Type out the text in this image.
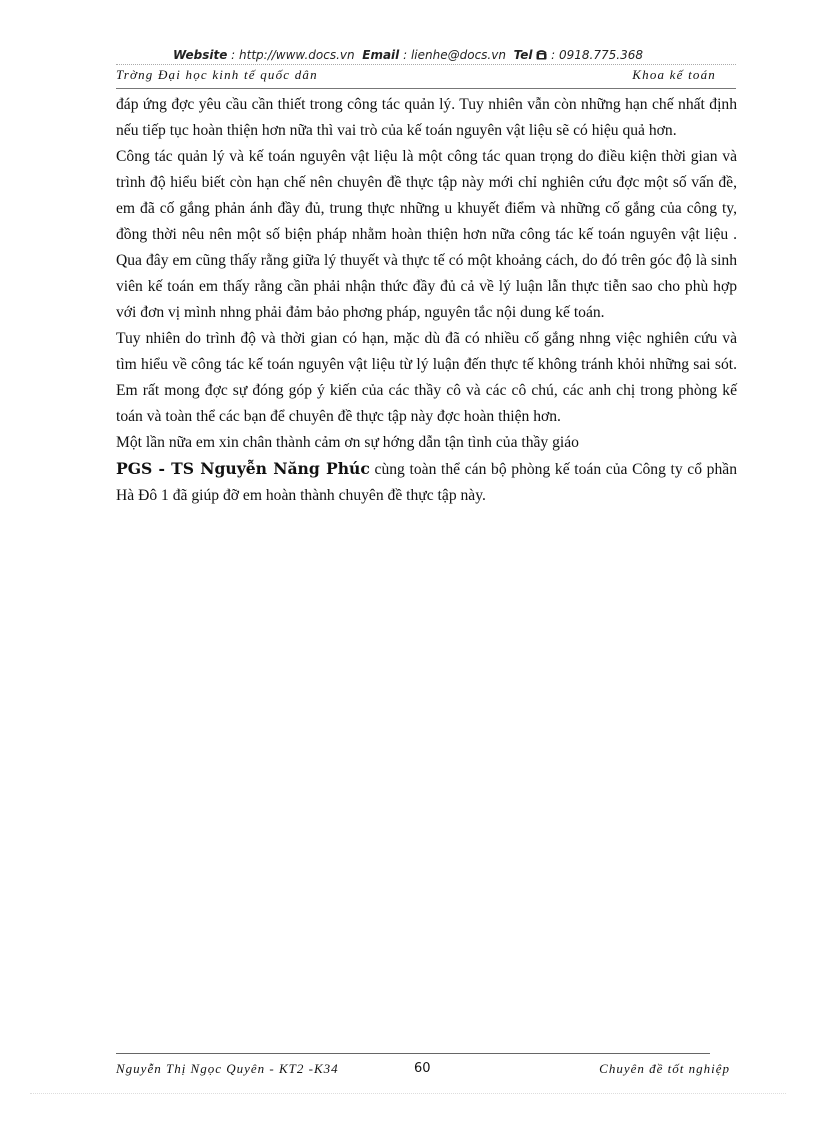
Website : http://www.docs.vn Email : lienhe@docs.vn Tel : 0918.775.368
Trờng Đại học kinh tế quốc dân	Khoa kế toán

đáp ứng đợc yêu cầu cần thiết trong công tác quản lý. Tuy nhiên vẫn còn những hạn chế nhất định nếu tiếp tục hoàn thiện hơn nữa thì vai trò của kế toán nguyên vật liệu sẽ có hiệu quả hơn.

Công tác quản lý và kế toán nguyên vật liệu là một công tác quan trọng do điều kiện thời gian và trình độ hiểu biết còn hạn chế nên chuyên đề thực tập này mới chỉ nghiên cứu đợc một số vấn đề, em đã cố gắng phản ánh đầy đủ, trung thực những u khuyết điểm và những cố gắng của công ty, đồng thời nêu nên một số biện pháp nhằm hoàn thiện hơn nữa công tác kế toán nguyên vật liệu . Qua đây em cũng thấy rằng giữa lý thuyết và thực tế có một khoảng cách, do đó trên góc độ là sinh viên kế toán em thấy rằng cần phải nhận thức đầy đủ cả về lý luận lẫn thực tiễn sao cho phù hợp với đơn vị mình nhng phải đảm bảo phơng pháp, nguyên tắc nội dung kế toán.

Tuy nhiên do trình độ và thời gian có hạn, mặc dù đã có nhiều cố gắng nhng việc nghiên cứu và tìm hiểu về công tác kế toán nguyên vật liệu từ lý luận đến thực tế không tránh khỏi những sai sót. Em rất mong đợc sự đóng góp ý kiến của các thầy cô và các cô chú, các anh chị trong phòng kế toán và toàn thể các bạn để chuyên đề thực tập này đợc hoàn thiện hơn.

Một lần nữa em xin chân thành cảm ơn sự hớng dẫn tận tình của thầy giáo

PGS - TS Nguyễn Năng Phúc cùng toàn thể cán bộ phòng kế toán của Công ty cổ phần Hà Đô 1 đã giúp đỡ em hoàn thành chuyên đề thực tập này.

Nguyễn Thị Ngọc Quyên - KT2 -K34	60	Chuyên đề tốt nghiệp
